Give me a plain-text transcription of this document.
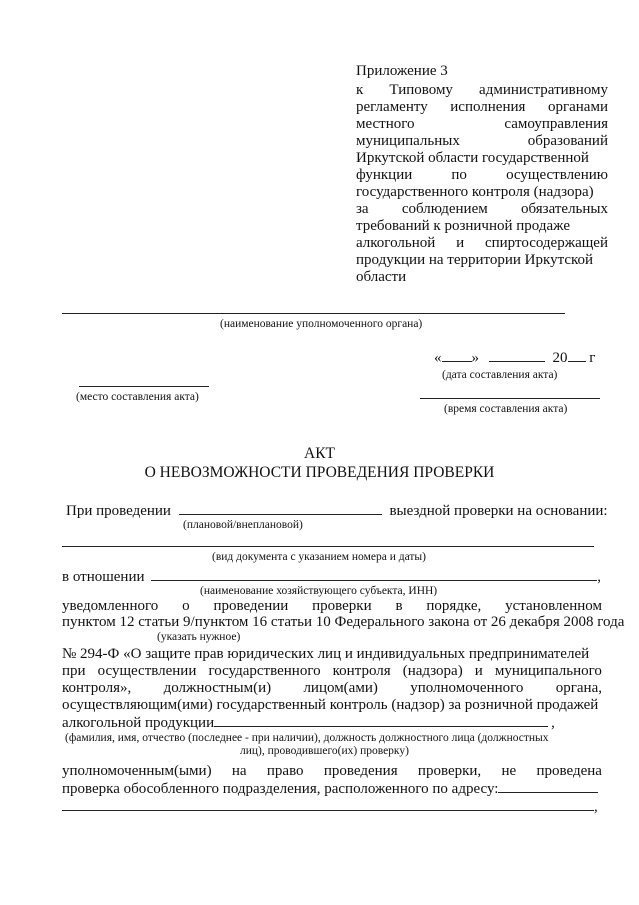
Приложение 3
к Типовому административному
регламенту исполнения органами
местного	самоуправления
муниципальных	образований
Иркутской области государственной
функции	по	осуществлению
государственного контроля (надзора)
за соблюдением обязательных
требований к розничной продаже
алкогольной и спиртосодержащей
продукции на территории Иркутской
области
(наименование уполномоченного органа)
« »	20 г
(дата составления акта)
(место составления акта)
(время составления акта)
АКТ
О НЕВОЗМОЖНОСТИ ПРОВЕДЕНИЯ ПРОВЕРКИ
При проведении	выездной проверки на основании:
(плановой/внеплановой)
(вид документа с указанием номера и даты)
в отношении	,
(наименование хозяйствующего субъекта, ИНН)
уведомленного о проведении проверки в порядке, установленном
пунктом 12 статьи 9/пунктом 16 статьи 10 Федерального закона от 26 декабря 2008 года
(указать нужное)
№ 294-Ф «О защите прав юридических лиц и индивидуальных предпринимателей
при осуществлении государственного контроля (надзора) и муниципального
контроля», должностным(и) лицом(ами) уполномоченного органа,
осуществляющим(ими) государственный контроль (надзор) за розничной продажей
алкогольной продукции	,
(фамилия, имя, отчество (последнее - при наличии), должность должностного лица (должностных
лиц), проводившего(их) проверку)
уполномоченным(ыми) на право проведения проверки, не проведена
проверка обособленного подразделения, расположенного по адресу:
,
